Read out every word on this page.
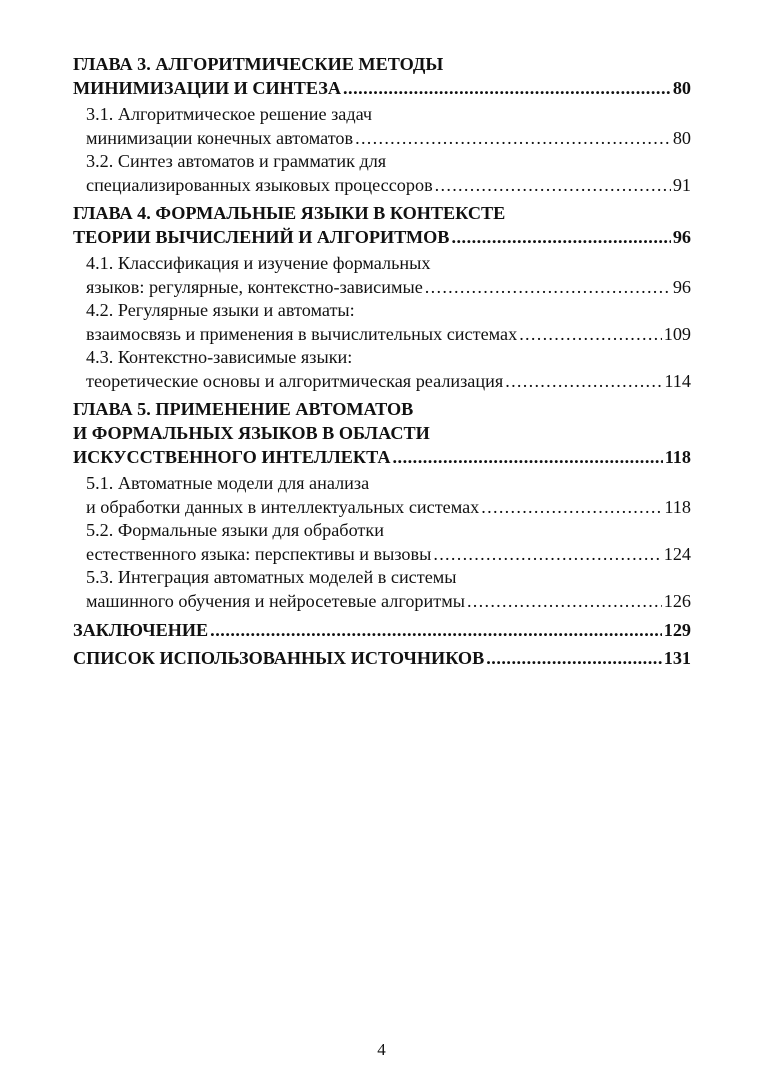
ГЛАВА 3. АЛГОРИТМИЧЕСКИЕ МЕТОДЫ
МИНИМИЗАЦИИ И СИНТЕЗА .....	80
3.1. Алгоритмическое решение задач
минимизации конечных автоматов .....	80
3.2. Синтез автоматов и грамматик для
специализированных языковых процессоров .....	91
ГЛАВА 4. ФОРМАЛЬНЫЕ ЯЗЫКИ В КОНТЕКСТЕ
ТЕОРИИ ВЫЧИСЛЕНИЙ И АЛГОРИТМОВ .....	96
4.1. Классификация и изучение формальных
языков: регулярные, контекстно-зависимые .....	96
4.2. Регулярные языки и автоматы:
взаимосвязь и применения в вычислительных системах .....	109
4.3. Контекстно-зависимые языки:
теоретические основы и алгоритмическая реализация .....	114
ГЛАВА 5. ПРИМЕНЕНИЕ АВТОМАТОВ
И ФОРМАЛЬНЫХ ЯЗЫКОВ В ОБЛАСТИ
ИСКУССТВЕННОГО ИНТЕЛЛЕКТА .....	118
5.1. Автоматные модели для анализа
и обработки данных в интеллектуальных системах .....	118
5.2. Формальные языки для обработки
естественного языка: перспективы и вызовы .....	124
5.3. Интеграция автоматных моделей в системы
машинного обучения и нейросетевые алгоритмы .....	126
ЗАКЛЮЧЕНИЕ .....	129
СПИСОК ИСПОЛЬЗОВАННЫХ ИСТОЧНИКОВ .....	131
4
